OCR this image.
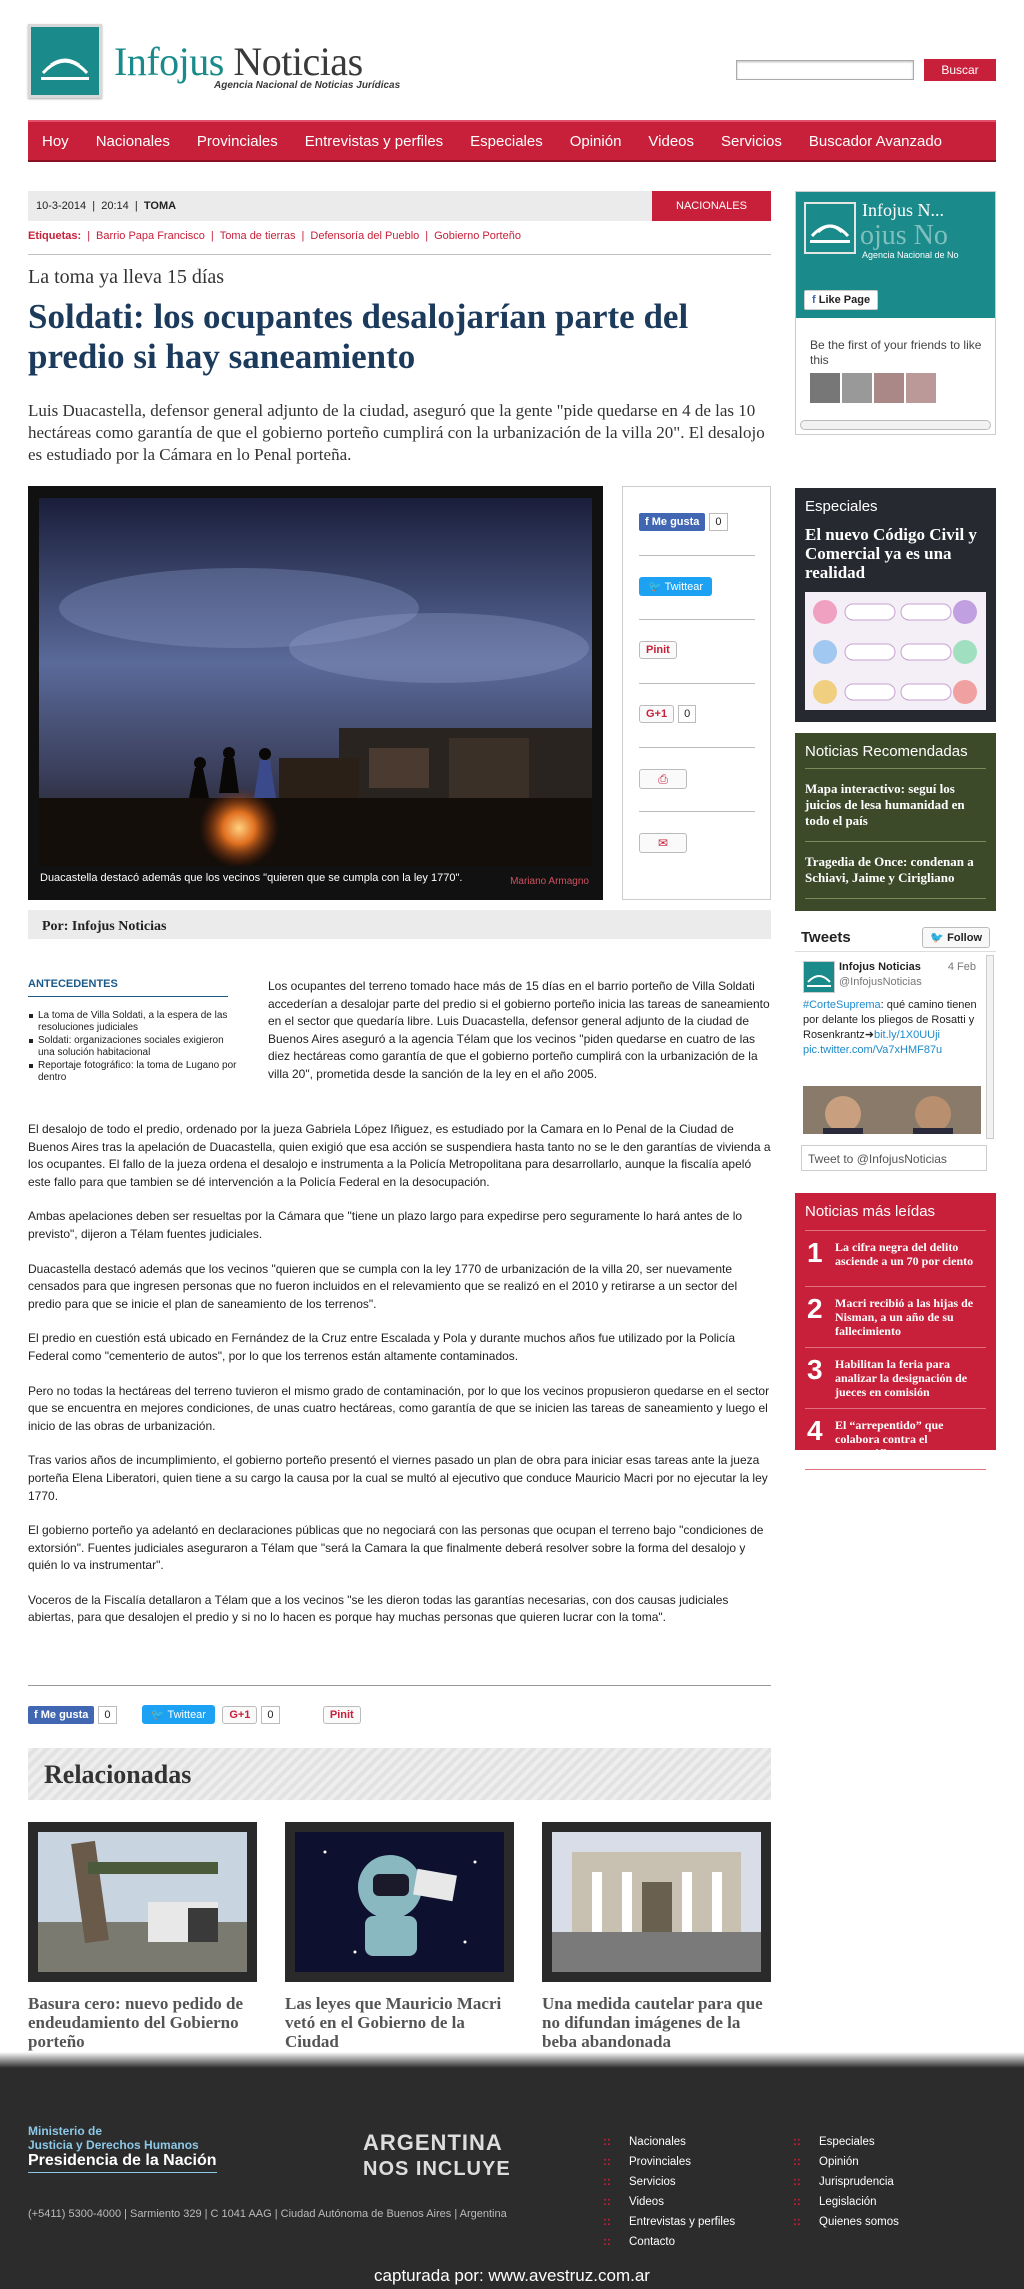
Infojus Noticias
Agencia Nacional de Noticias Jurídicas
Buscar
Hoy Nacionales Provinciales Entrevistas y perfiles Especiales Opinión Videos Servicios Buscador Avanzado
10-3-2014  |  20:14  |  TOMA	NACIONALES
Etiquetas: | Barrio Papa Francisco | Toma de tierras | Defensoría del Pueblo | Gobierno Porteño
La toma ya lleva 15 días
Soldati: los ocupantes desalojarían parte del predio si hay saneamiento
Luis Duacastella, defensor general adjunto de la ciudad, aseguró que la gente "pide quedarse en 4 de las 10 hectáreas como garantía de que el gobierno porteño cumplirá con la urbanización de la villa 20". El desalojo es estudiado por la Cámara en lo Penal porteña.
Duacastella destacó además que los vecinos "quieren que se cumpla con la ley 1770".	Mariano Armagno
f Me gusta 0
🐦 Twittear
Pinit
G+1 0
⎙
✉
Por: Infojus Noticias
ANTECEDENTES
La toma de Villa Soldati, a la espera de las resoluciones judiciales
Soldati: organizaciones sociales exigieron una solución habitacional
Reportaje fotográfico: la toma de Lugano por dentro
Los ocupantes del terreno tomado hace más de 15 días en el barrio porteño de Villa Soldati accederían a desalojar parte del predio si el gobierno porteño inicia las tareas de saneamiento en el sector que quedaría libre. Luis Duacastella, defensor general adjunto de la ciudad de Buenos Aires aseguró a la agencia Télam que los vecinos "piden quedarse en cuatro de las diez hectáreas como garantía de que el gobierno porteño cumplirá con la urbanización de la villa 20", prometida desde la sanción de la ley en el año 2005.

El desalojo de todo el predio, ordenado por la jueza Gabriela López Iñiguez, es estudiado por la Camara en lo Penal de la Ciudad de Buenos Aires tras la apelación de Duacastella, quien exigió que esa acción se suspendiera hasta tanto no se le den garantías de vivienda a los ocupantes. El fallo de la jueza ordena el desalojo e instrumenta a la Policía Metropolitana para desarrollarlo, aunque la fiscalía apeló este fallo para que tambien se dé intervención a la Policía Federal en la desocupación.

Ambas apelaciones deben ser resueltas por la Cámara que "tiene un plazo largo para expedirse pero seguramente lo hará antes de lo previsto", dijeron a Télam fuentes judiciales.

Duacastella destacó además que los vecinos "quieren que se cumpla con la ley 1770 de urbanización de la villa 20, ser nuevamente censados para que ingresen personas que no fueron incluidos en el relevamiento que se realizó en el 2010 y retirarse a un sector del predio para que se inicie el plan de saneamiento de los terrenos".

El predio en cuestión está ubicado en Fernández de la Cruz entre Escalada y Pola y durante muchos años fue utilizado por la Policía Federal como "cementerio de autos", por lo que los terrenos están altamente contaminados.

Pero no todas la hectáreas del terreno tuvieron el mismo grado de contaminación, por lo que los vecinos propusieron quedarse en el sector que se encuentra en mejores condiciones, de unas cuatro hectáreas, como garantía de que se inicien las tareas de saneamiento y luego el inicio de las obras de urbanización.

Tras varios años de incumplimiento, el gobierno porteño presentó el viernes pasado un plan de obra para iniciar esas tareas ante la jueza porteña Elena Liberatori, quien tiene a su cargo la causa por la cual se multó al ejecutivo que conduce Mauricio Macri por no ejecutar la ley 1770.

El gobierno porteño ya adelantó en declaraciones públicas que no negociará con las personas que ocupan el terreno bajo "condiciones de extorsión". Fuentes judiciales aseguraron a Télam que "será la Camara la que finalmente deberá resolver sobre la forma del desalojo y quién lo va instrumentar".

Voceros de la Fiscalía detallaron a Télam que a los vecinos "se les dieron todas las garantías necesarias, con dos causas judiciales abiertas, para que desalojen el predio y si no lo hacen es porque hay muchas personas que quieren lucrar con la toma".

f Me gusta 0	🐦 Twittear G+1 0	Pinit
Relacionadas
Basura cero: nuevo pedido de endeudamiento del Gobierno porteño
Las leyes que Mauricio Macri vetó en el Gobierno de la Ciudad
Una medida cautelar para que no difundan imágenes de la beba abandonada
Infojus N...
ojus No
Agencia Nacional de No
f Like Page
Be the first of your friends to like this
Especiales
El nuevo Código Civil y Comercial ya es una realidad
Noticias Recomendadas
Mapa interactivo: seguí los juicios de lesa humanidad en todo el país
Tragedia de Once: condenan a Schiavi, Jaime y Cirigliano
Tweets	🐦 Follow
Infojus Noticias
@InfojusNoticias
4 Feb
#CorteSuprema: qué camino tienen por delante los pliegos de Rosatti y Rosenkrantz➜bit.ly/1X0UUji pic.twitter.com/Va7xHMF87u
Tweet to @InfojusNoticias
Noticias más leídas
1 La cifra negra del delito asciende a un 70 por ciento
2 Macri recibió a las hijas de Nisman, a un año de su fallecimiento
3 Habilitan la feria para analizar la designación de jueces en comisión
4 El “arrepentido” que colabora contra el narcotráfico
5 “Vamos a dar todo el apoyo para que se esclarezcan las causas AMIA y Nisman”
Ministerio de
Justicia y Derechos Humanos
Presidencia de la Nación
ARGENTINA
NOS INCLUYE
(+5411) 5300-4000 | Sarmiento 329 | C 1041 AAG | Ciudad Autónoma de Buenos Aires | Argentina
:: Nacionales
:: Provinciales
:: Servicios
:: Videos
:: Entrevistas y perfiles
:: Contacto
:: Especiales
:: Opinión
:: Jurisprudencia
:: Legislación
:: Quienes somos
capturada por: www.avestruz.com.ar
